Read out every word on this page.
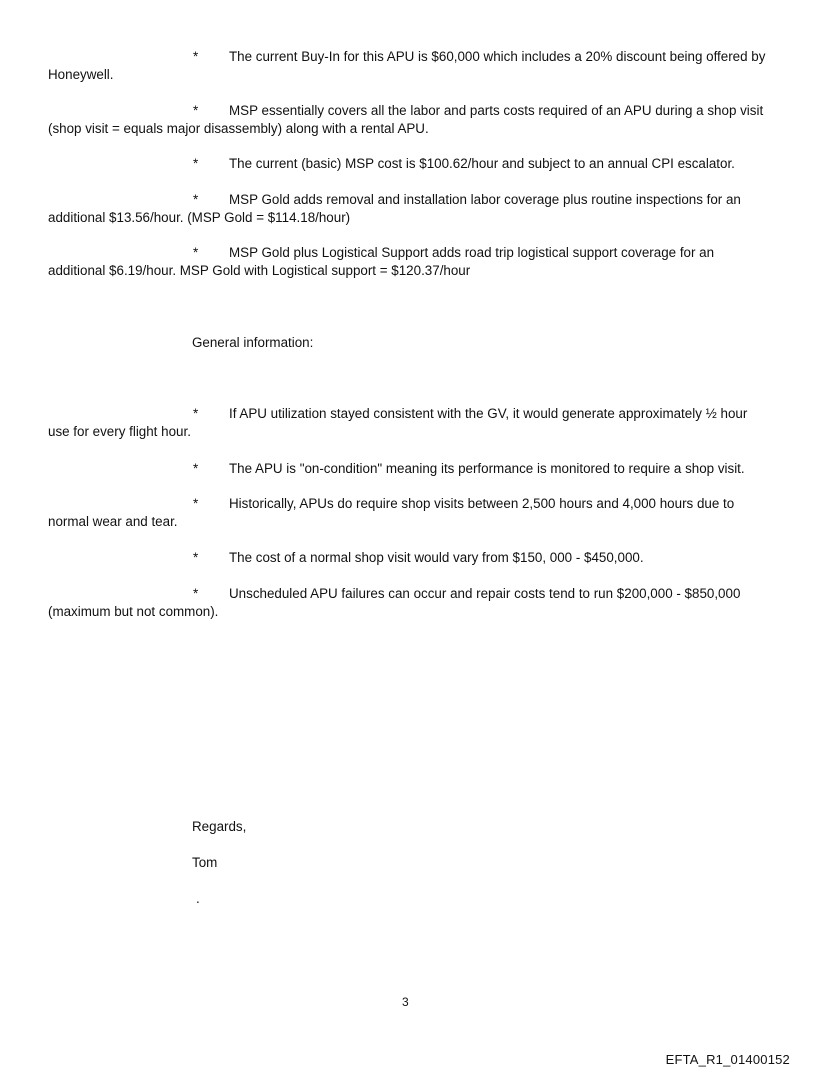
* The current Buy-In for this APU is $60,000 which includes a 20% discount being offered by
Honeywell.
* MSP essentially covers all the labor and parts costs required of an APU during a shop visit
(shop visit = equals major disassembly) along with a rental APU.
* The current (basic) MSP cost is $100.62/hour and subject to an annual CPI escalator.
* MSP Gold adds removal and installation labor coverage plus routine inspections for an
additional $13.56/hour. (MSP Gold = $114.18/hour)
* MSP Gold plus Logistical Support adds road trip logistical support coverage for an
additional $6.19/hour. MSP Gold with Logistical support = $120.37/hour
General information:
* If APU utilization stayed consistent with the GV, it would generate approximately ½ hour
use for every flight hour.
* The APU is "on-condition" meaning its performance is monitored to require a shop visit.
* Historically, APUs do require shop visits between 2,500 hours and 4,000 hours due to
normal wear and tear.
* The cost of a normal shop visit would vary from $150, 000 - $450,000.
* Unscheduled APU failures can occur and repair costs tend to run $200,000 - $850,000
(maximum but not common).
Regards,
Tom
.
3
EFTA_R1_01400152
